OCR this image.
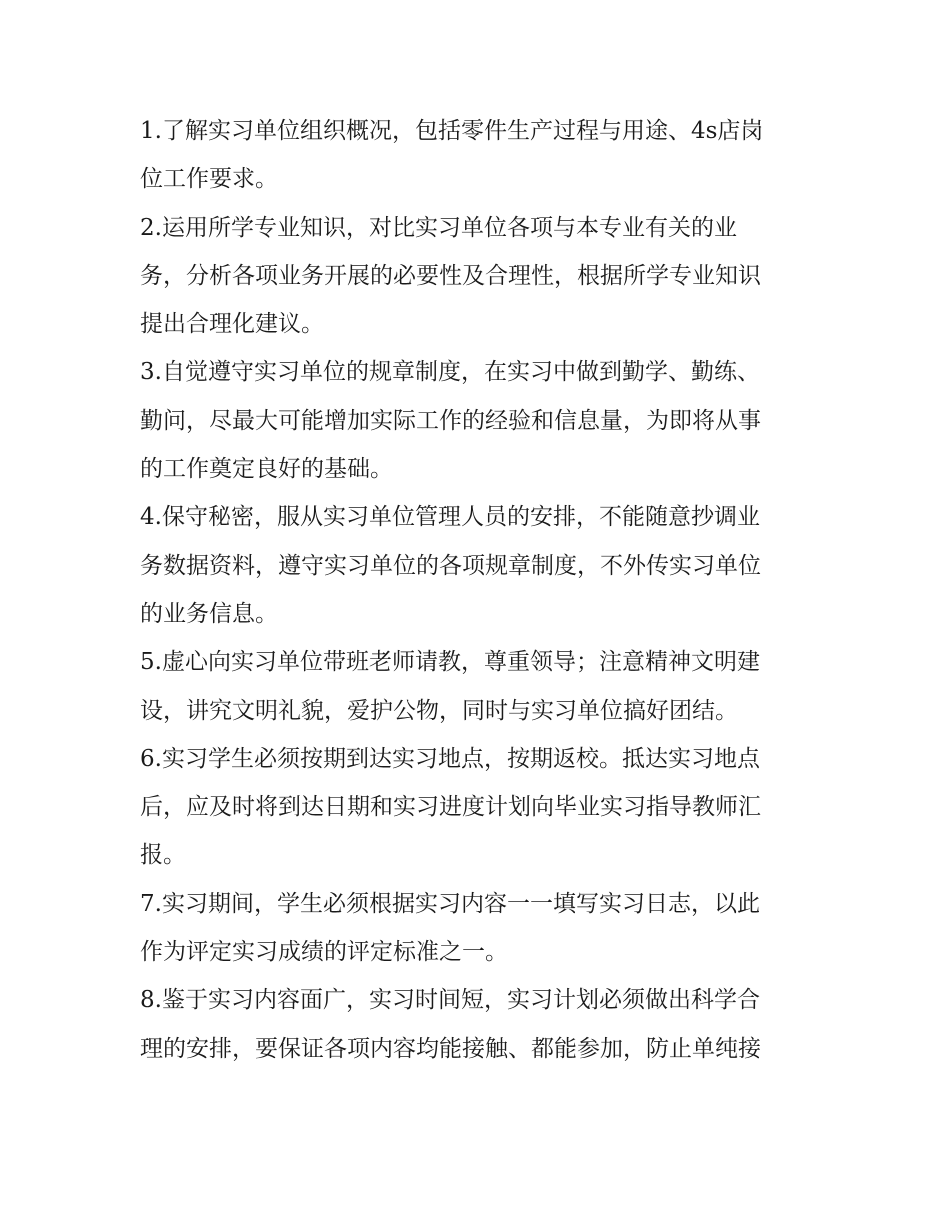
1.了解实习单位组织概况，包括零件生产过程与用途、4s店岗
位工作要求。
2.运用所学专业知识，对比实习单位各项与本专业有关的业
务，分析各项业务开展的必要性及合理性，根据所学专业知识
提出合理化建议。
3.自觉遵守实习单位的规章制度，在实习中做到勤学、勤练、
勤问，尽最大可能增加实际工作的经验和信息量，为即将从事
的工作奠定良好的基础。
4.保守秘密，服从实习单位管理人员的安排，不能随意抄调业
务数据资料，遵守实习单位的各项规章制度，不外传实习单位
的业务信息。
5.虚心向实习单位带班老师请教，尊重领导；注意精神文明建
设，讲究文明礼貌，爱护公物，同时与实习单位搞好团结。
6.实习学生必须按期到达实习地点，按期返校。抵达实习地点
后，应及时将到达日期和实习进度计划向毕业实习指导教师汇
报。
7.实习期间，学生必须根据实习内容一一填写实习日志，以此
作为评定实习成绩的评定标准之一。
8.鉴于实习内容面广，实习时间短，实习计划必须做出科学合
理的安排，要保证各项内容均能接触、都能参加，防止单纯接
